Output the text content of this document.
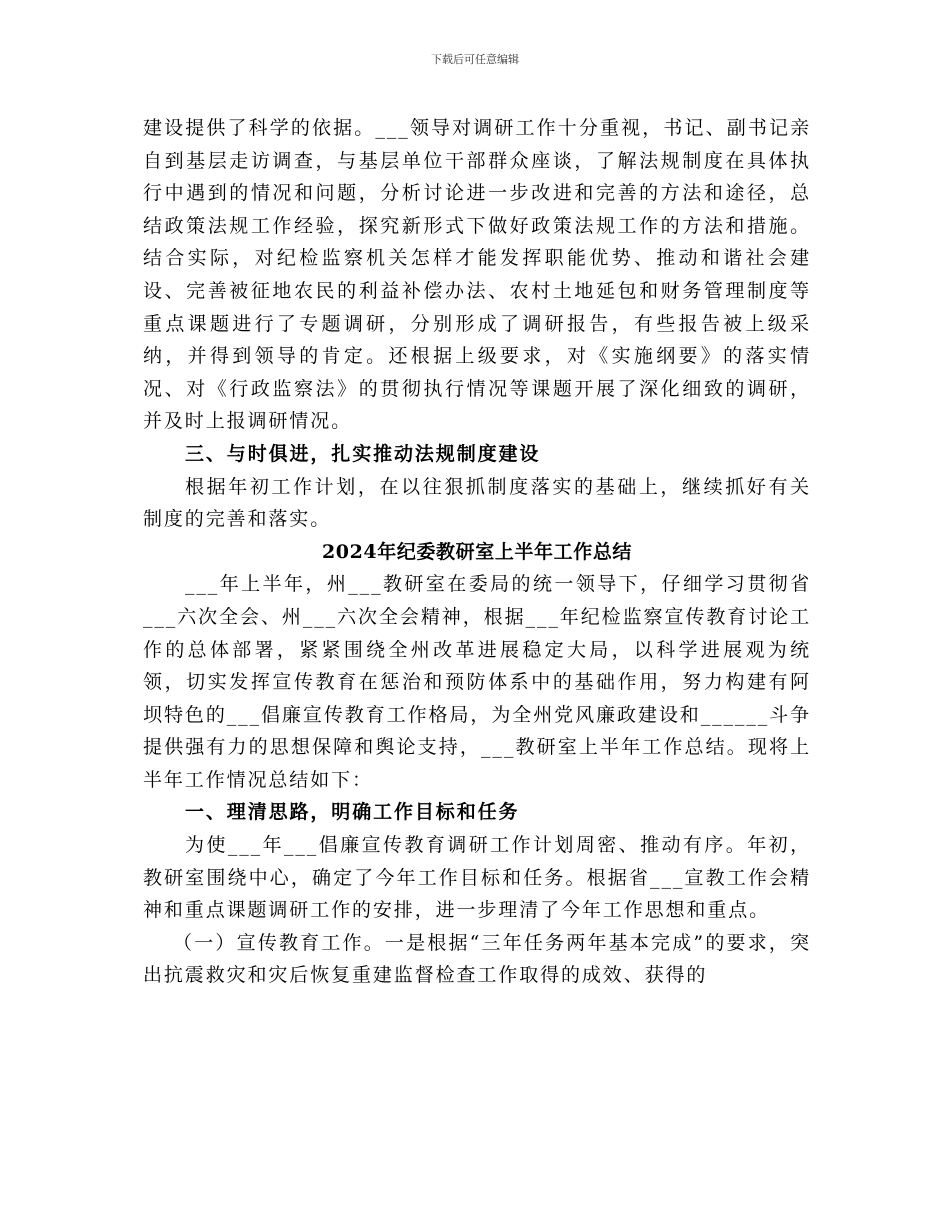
下载后可任意编辑

建设提供了科学的依据。___领导对调研工作十分重视，书记、副书记亲自到基层走访调查，与基层单位干部群众座谈，了解法规制度在具体执行中遇到的情况和问题，分析讨论进一步改进和完善的方法和途径，总结政策法规工作经验，探究新形式下做好政策法规工作的方法和措施。结合实际，对纪检监察机关怎样才能发挥职能优势、推动和谐社会建设、完善被征地农民的利益补偿办法、农村土地延包和财务管理制度等重点课题进行了专题调研，分别形成了调研报告，有些报告被上级采纳，并得到领导的肯定。还根据上级要求，对《实施纲要》的落实情况、对《行政监察法》的贯彻执行情况等课题开展了深化细致的调研，并及时上报调研情况。

三、与时俱进，扎实推动法规制度建设

根据年初工作计划，在以往狠抓制度落实的基础上，继续抓好有关制度的完善和落实。

2024年纪委教研室上半年工作总结

___年上半年，州___教研室在委局的统一领导下，仔细学习贯彻省___六次全会、州___六次全会精神，根据___年纪检监察宣传教育讨论工作的总体部署，紧紧围绕全州改革进展稳定大局，以科学进展观为统领，切实发挥宣传教育在惩治和预防体系中的基础作用，努力构建有阿坝特色的___倡廉宣传教育工作格局，为全州党风廉政建设和______斗争提供强有力的思想保障和舆论支持，___教研室上半年工作总结。现将上半年工作情况总结如下：

一、理清思路，明确工作目标和任务

为使___年___倡廉宣传教育调研工作计划周密、推动有序。年初，教研室围绕中心，确定了今年工作目标和任务。根据省___宣教工作会精神和重点课题调研工作的安排，进一步理清了今年工作思想和重点。

（一）宣传教育工作。一是根据“三年任务两年基本完成”的要求，突出抗震救灾和灾后恢复重建监督检查工作取得的成效、获得的
